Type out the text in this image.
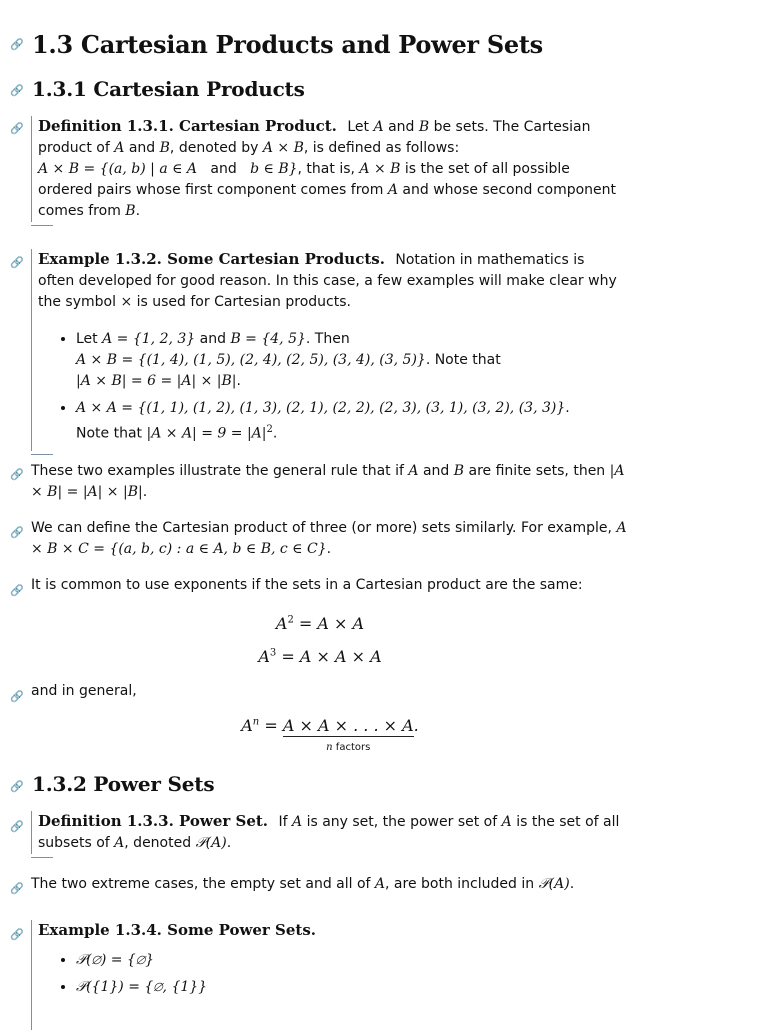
🔗 1.3 Cartesian Products and Power Sets
🔗 1.3.1 Cartesian Products
🔗 Definition 1.3.1. Cartesian Product. Let A and B be sets. The Cartesian product of A and B, denoted by A × B, is defined as follows:
A × B = {(a, b) | a ∈ A and b ∈ B}, that is, A × B is the set of all possible ordered pairs whose first component comes from A and whose second component comes from B.
🔗 Example 1.3.2. Some Cartesian Products. Notation in mathematics is often developed for good reason. In this case, a few examples will make clear why the symbol × is used for Cartesian products.
• Let A = {1, 2, 3} and B = {4, 5}. Then
A × B = {(1, 4), (1, 5), (2, 4), (2, 5), (3, 4), (3, 5)}. Note that
|A × B| = 6 = |A| × |B|.
• A × A = {(1, 1), (1, 2), (1, 3), (2, 1), (2, 2), (2, 3), (3, 1), (3, 2), (3, 3)}.
Note that $|A \times A| = 9 = |A|^2$.
🔗 These two examples illustrate the general rule that if A and B are finite sets, then |A × B| = |A| × |B|.
🔗 We can define the Cartesian product of three (or more) sets similarly. For example, A × B × C = {(a, b, c) : a ∈ A, b ∈ B, c ∈ C}.
🔗 It is common to use exponents if the sets in a Cartesian product are the same:
$A^2 = A \times A$
$A^3 = A \times A \times A$
🔗 and in general,
$A^n = A \times A$ × . . . × A
n factors.
🔗 1.3.2 Power Sets
🔗 Definition 1.3.3. Power Set. If A is any set, the power set of A is the set of all subsets of A, denoted 𝒫(A).
🔗 The two extreme cases, the empty set and all of A, are both included in 𝒫(A).
🔗 Example 1.3.4. Some Power Sets.
• 𝒫(∅) = {∅}
• 𝒫({1}) = {∅, {1}}
